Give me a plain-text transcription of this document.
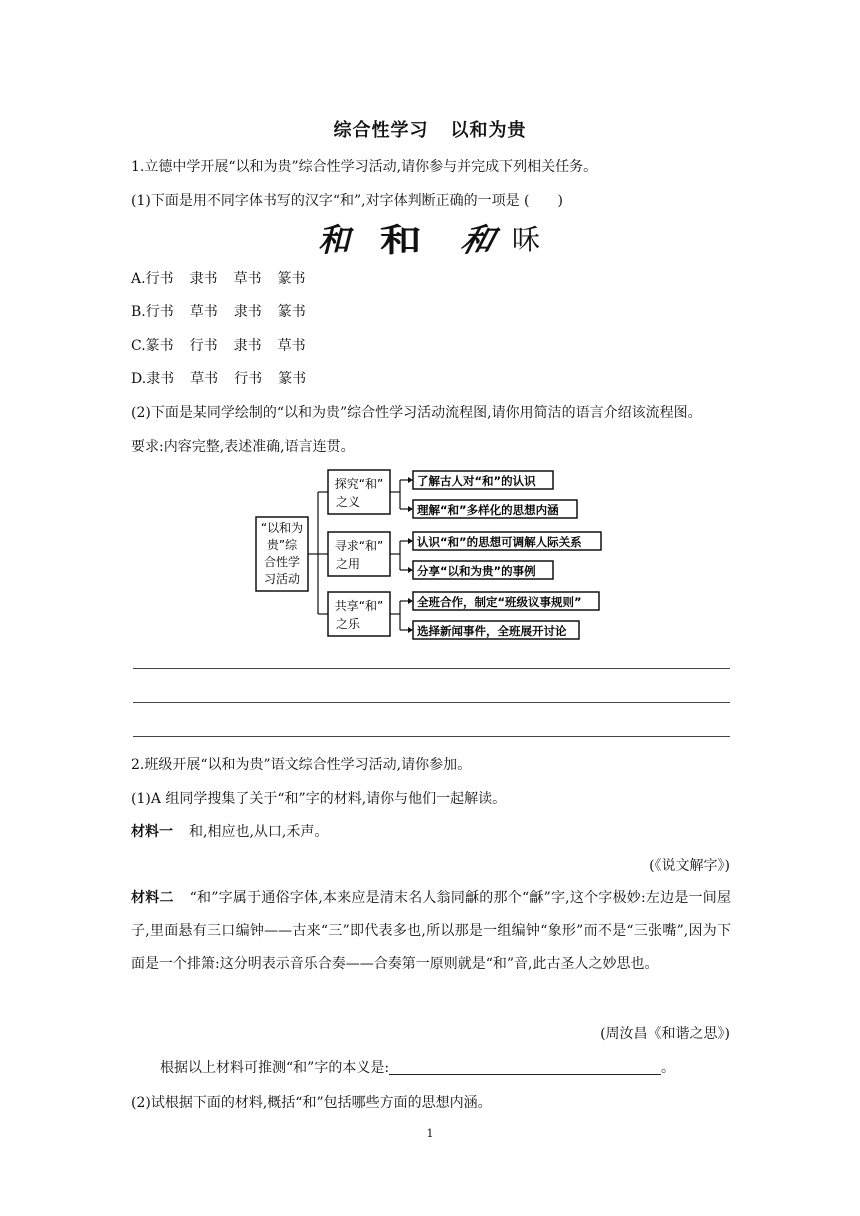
综合性学习 以和为贵
1.立德中学开展“以和为贵”综合性学习活动,请你参与并完成下列相关任务。
(1)下面是用不同字体书写的汉字“和”,对字体判断正确的一项是 (　　)
和 和 和 咊
A.行书 隶书 草书 篆书
B.行书 草书 隶书 篆书
C.篆书 行书 隶书 草书
D.隶书 草书 行书 篆书
(2)下面是某同学绘制的“以和为贵”综合性学习活动流程图,请你用简洁的语言介绍该流程图。
要求:内容完整,表述准确,语言连贯。
“以和为
贵”综
合性学
习活动
探究“和”
之义
了解古人对“和”的认识
理解“和”多样化的思想内涵
寻求“和”
之用
认识“和”的思想可调解人际关系
分享“以和为贵”的事例
共享“和”
之乐
全班合作，制定“班级议事规则”
选择新闻事件，全班展开讨论
2.班级开展“以和为贵”语文综合性学习活动,请你参加。
(1)A 组同学搜集了关于“和”字的材料,请你与他们一起解读。
材料一 和,相应也,从口,禾声。
(《说文解字》)
材料二 “和”字属于通俗字体,本来应是清末名人翁同龢的那个“龢”字,这个字极妙:左边是一间屋子,里面悬有三口编钟——古来“三”即代表多也,所以那是一组编钟“象形”而不是“三张嘴”,因为下面是一个排箫:这分明表示音乐合奏——合奏第一原则就是“和”音,此古圣人之妙思也。
(周汝昌《和谐之思》)
根据以上材料可推测“和”字的本义是:	。
(2)试根据下面的材料,概括“和”包括哪些方面的思想内涵。
1
